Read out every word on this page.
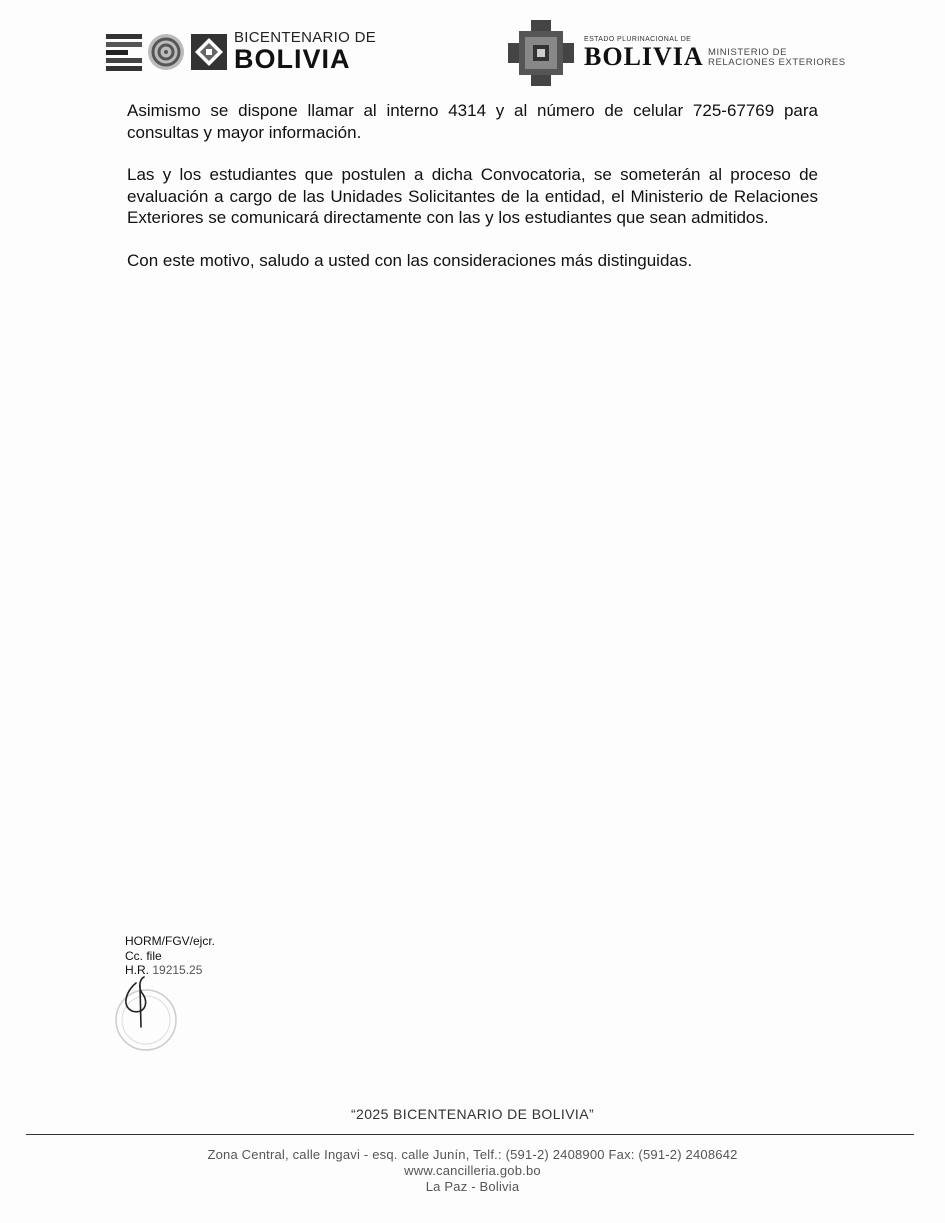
BICENTENARIO DE
BOLIVIA
ESTADO PLURINACIONAL DE
BOLIVIA MINISTERIO DE
RELACIONES EXTERIORES

Asimismo se dispone llamar al interno 4314 y al número de celular 725-67769 para consultas y mayor información.

Las y los estudiantes que postulen a dicha Convocatoria, se someterán al proceso de evaluación a cargo de las Unidades Solicitantes de la entidad, el Ministerio de Relaciones Exteriores se comunicará directamente con las y los estudiantes que sean admitidos.

Con este motivo, saludo a usted con las consideraciones más distinguidas.

HORM/FGV/ejcr.
Cc. file
H.R. 19215.25
“2025 BICENTENARIO DE BOLIVIA”
Zona Central, calle Ingavi - esq. calle Junín, Telf.: (591-2) 2408900 Fax: (591-2) 2408642
www.cancilleria.gob.bo
La Paz - Bolivia
